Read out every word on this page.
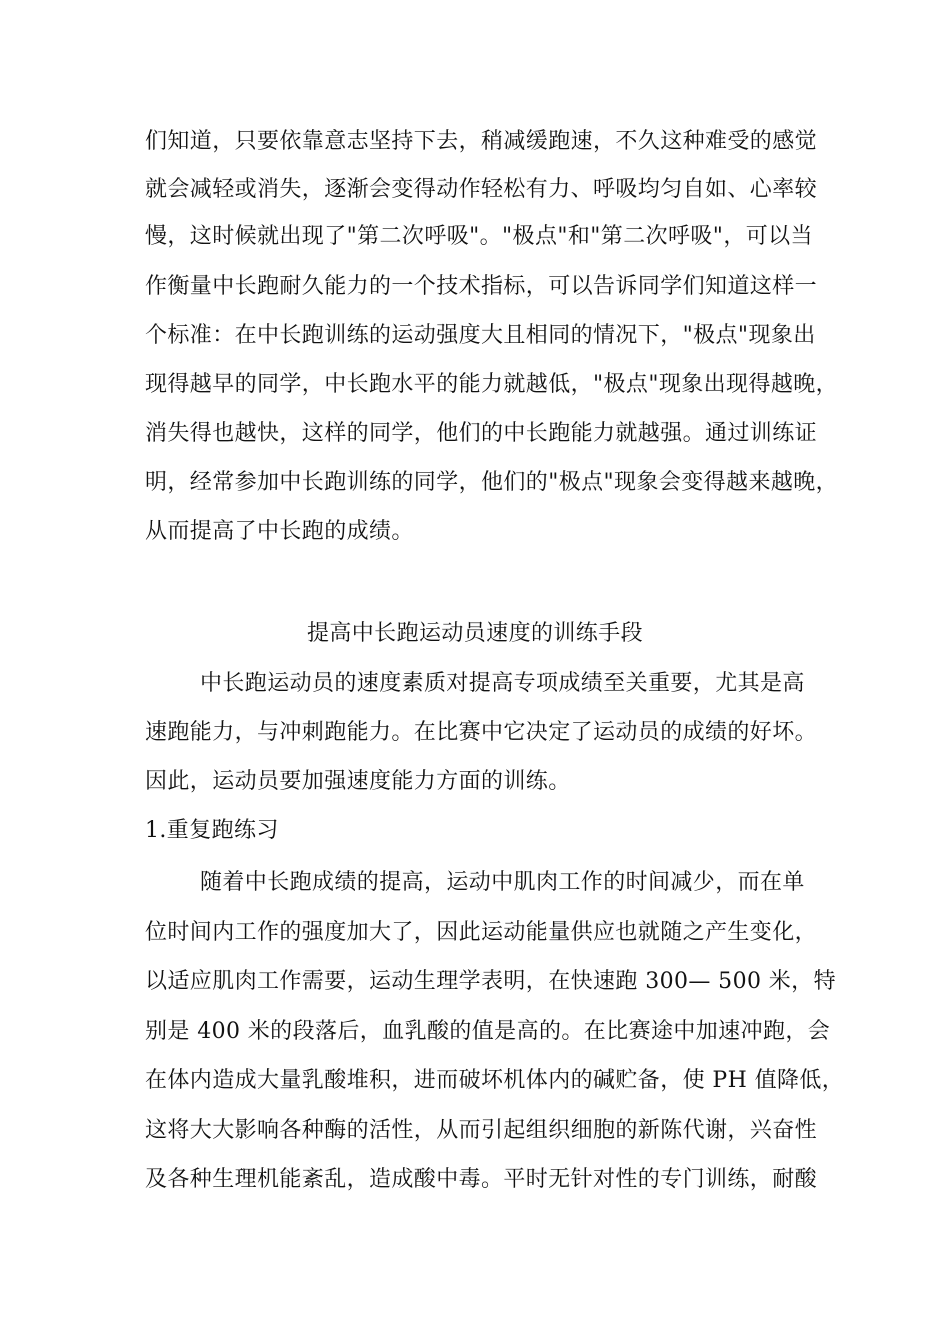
们知道，只要依靠意志坚持下去，稍减缓跑速，不久这种难受的感觉
就会减轻或消失，逐渐会变得动作轻松有力、呼吸均匀自如、心率较
慢，这时候就出现了"第二次呼吸"。"极点"和"第二次呼吸"，可以当
作衡量中长跑耐久能力的一个技术指标，可以告诉同学们知道这样一
个标准：在中长跑训练的运动强度大且相同的情况下，"极点"现象出
现得越早的同学，中长跑水平的能力就越低，"极点"现象出现得越晚，
消失得也越快，这样的同学，他们的中长跑能力就越强。通过训练证
明，经常参加中长跑训练的同学，他们的"极点"现象会变得越来越晚，
从而提高了中长跑的成绩。
提高中长跑运动员速度的训练手段
中长跑运动员的速度素质对提高专项成绩至关重要，尤其是高
速跑能力，与冲刺跑能力。在比赛中它决定了运动员的成绩的好坏。
因此，运动员要加强速度能力方面的训练。
1.重复跑练习
随着中长跑成绩的提高，运动中肌肉工作的时间减少，而在单
位时间内工作的强度加大了，因此运动能量供应也就随之产生变化，
以适应肌肉工作需要，运动生理学表明，在快速跑 300— 500 米，特
别是 400 米的段落后，血乳酸的值是高的。在比赛途中加速冲跑，会
在体内造成大量乳酸堆积，进而破坏机体内的碱贮备，使 PH 值降低，
这将大大影响各种酶的活性，从而引起组织细胞的新陈代谢，兴奋性
及各种生理机能紊乱，造成酸中毒。平时无针对性的专门训练，耐酸
